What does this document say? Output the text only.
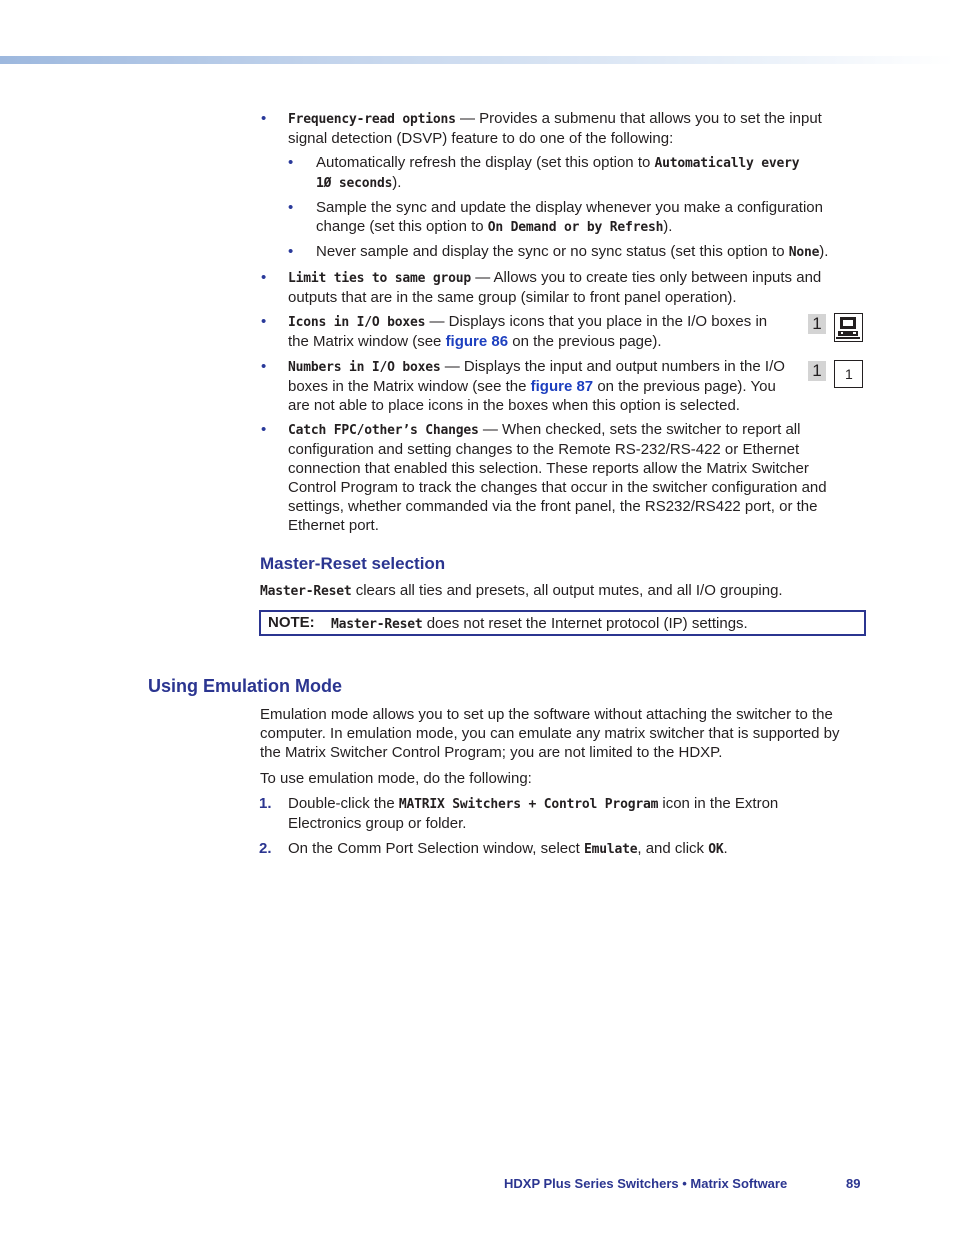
• Frequency-read options — Provides a submenu that allows you to set the input
signal detection (DSVP) feature to do one of the following:
• Automatically refresh the display (set this option to Automatically every
1Ø seconds).
• Sample the sync and update the display whenever you make a configuration
change (set this option to On Demand or by Refresh).
• Never sample and display the sync or no sync status (set this option to None).
• Limit ties to same group — Allows you to create ties only between inputs and
outputs that are in the same group (similar to front panel operation).
• Icons in I/O boxes — Displays icons that you place in the I/O boxes in
the Matrix window (see figure 86 on the previous page).
1
• Numbers in I/O boxes — Displays the input and output numbers in the I/O
boxes in the Matrix window (see the figure 87 on the previous page). You
are not able to place icons in the boxes when this option is selected.
1	1
• Catch FPC/other’s Changes — When checked, sets the switcher to report all
configuration and setting changes to the Remote RS-232/RS-422 or Ethernet
connection that enabled this selection. These reports allow the Matrix Switcher
Control Program to track the changes that occur in the switcher configuration and
settings, whether commanded via the front panel, the RS232/RS422 port, or the
Ethernet port.
Master-Reset selection
Master-Reset clears all ties and presets, all output mutes, and all I/O grouping.
NOTE: Master-Reset does not reset the Internet protocol (IP) settings.
Using Emulation Mode
Emulation mode allows you to set up the software without attaching the switcher to the
computer. In emulation mode, you can emulate any matrix switcher that is supported by
the Matrix Switcher Control Program; you are not limited to the HDXP.
To use emulation mode, do the following:
1. Double-click the MATRIX Switchers + Control Program icon in the Extron
Electronics group or folder.
2. On the Comm Port Selection window, select Emulate, and click OK.
HDXP Plus Series Switchers • Matrix Software	89
